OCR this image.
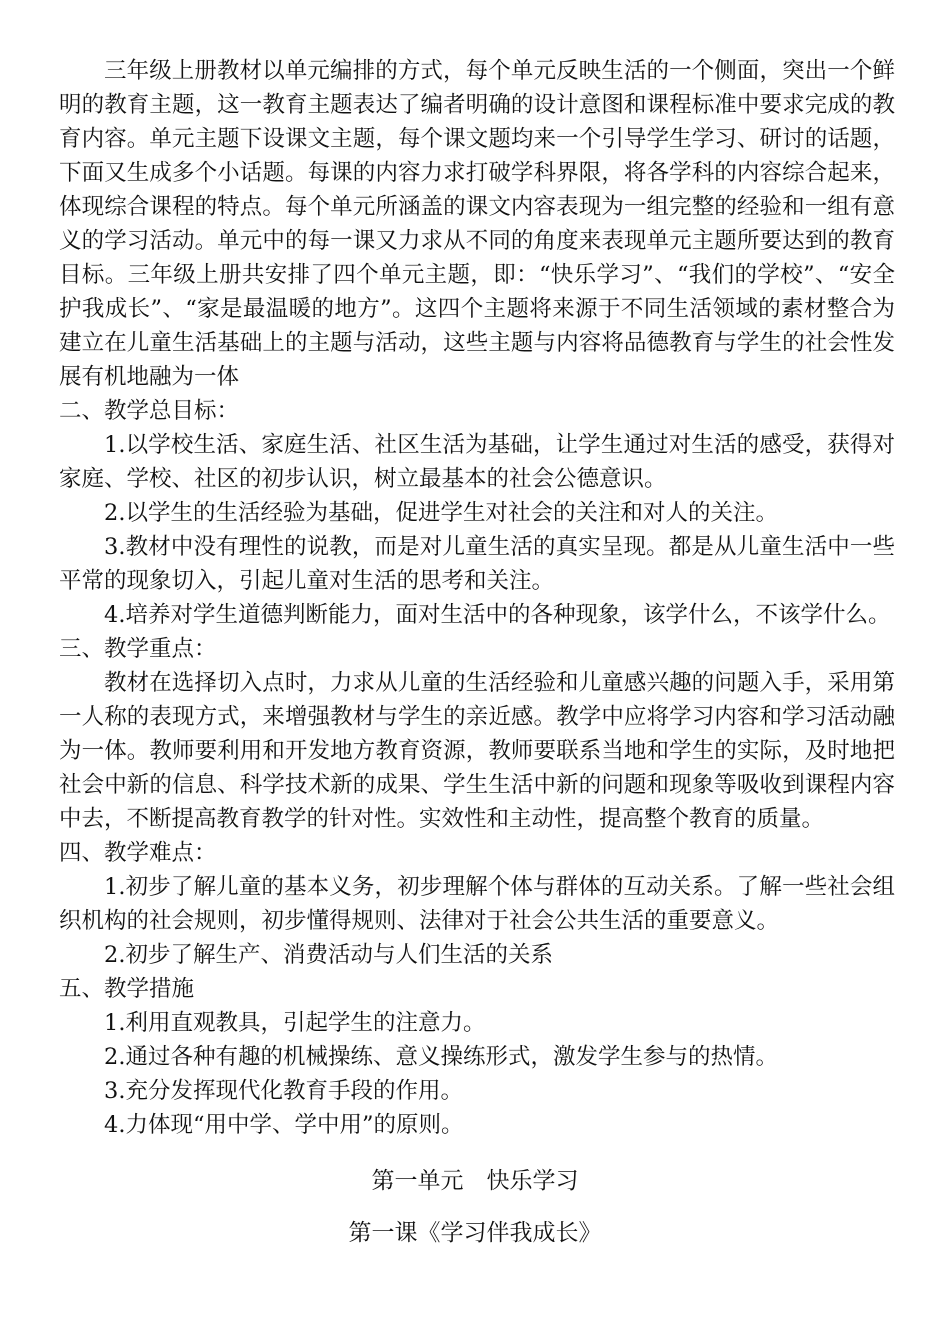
三年级上册教材以单元编排的方式，每个单元反映生活的一个侧面，突出一个鲜明的教育主题，这一教育主题表达了编者明确的设计意图和课程标准中要求完成的教育内容。单元主题下设课文主题，每个课文题均来一个引导学生学习、研讨的话题，下面又生成多个小话题。每课的内容力求打破学科界限，将各学科的内容综合起来，体现综合课程的特点。每个单元所涵盖的课文内容表现为一组完整的经验和一组有意义的学习活动。单元中的每一课又力求从不同的角度来表现单元主题所要达到的教育目标。三年级上册共安排了四个单元主题，即：“快乐学习”、“我们的学校”、“安全护我成长”、“家是最温暖的地方”。这四个主题将来源于不同生活领域的素材整合为建立在儿童生活基础上的主题与活动，这些主题与内容将品德教育与学生的社会性发展有机地融为一体

二、教学总目标：

1.以学校生活、家庭生活、社区生活为基础，让学生通过对生活的感受，获得对家庭、学校、社区的初步认识，树立最基本的社会公德意识。

2.以学生的生活经验为基础，促进学生对社会的关注和对人的关注。

3.教材中没有理性的说教，而是对儿童生活的真实呈现。都是从儿童生活中一些平常的现象切入，引起儿童对生活的思考和关注。

4.培养对学生道德判断能力，面对生活中的各种现象，该学什么，不该学什么。

三、教学重点：

教材在选择切入点时，力求从儿童的生活经验和儿童感兴趣的问题入手，采用第一人称的表现方式，来增强教材与学生的亲近感。教学中应将学习内容和学习活动融为一体。教师要利用和开发地方教育资源，教师要联系当地和学生的实际，及时地把社会中新的信息、科学技术新的成果、学生生活中新的问题和现象等吸收到课程内容中去，不断提高教育教学的针对性。实效性和主动性，提高整个教育的质量。

四、教学难点：

1.初步了解儿童的基本义务，初步理解个体与群体的互动关系。了解一些社会组织机构的社会规则，初步懂得规则、法律对于社会公共生活的重要意义。

2.初步了解生产、消费活动与人们生活的关系

五、教学措施

1.利用直观教具，引起学生的注意力。

2.通过各种有趣的机械操练、意义操练形式，激发学生参与的热情。

3.充分发挥现代化教育手段的作用。

4.力体现“用中学、学中用”的原则。

第一单元　快乐学习
第一课《学习伴我成长》
